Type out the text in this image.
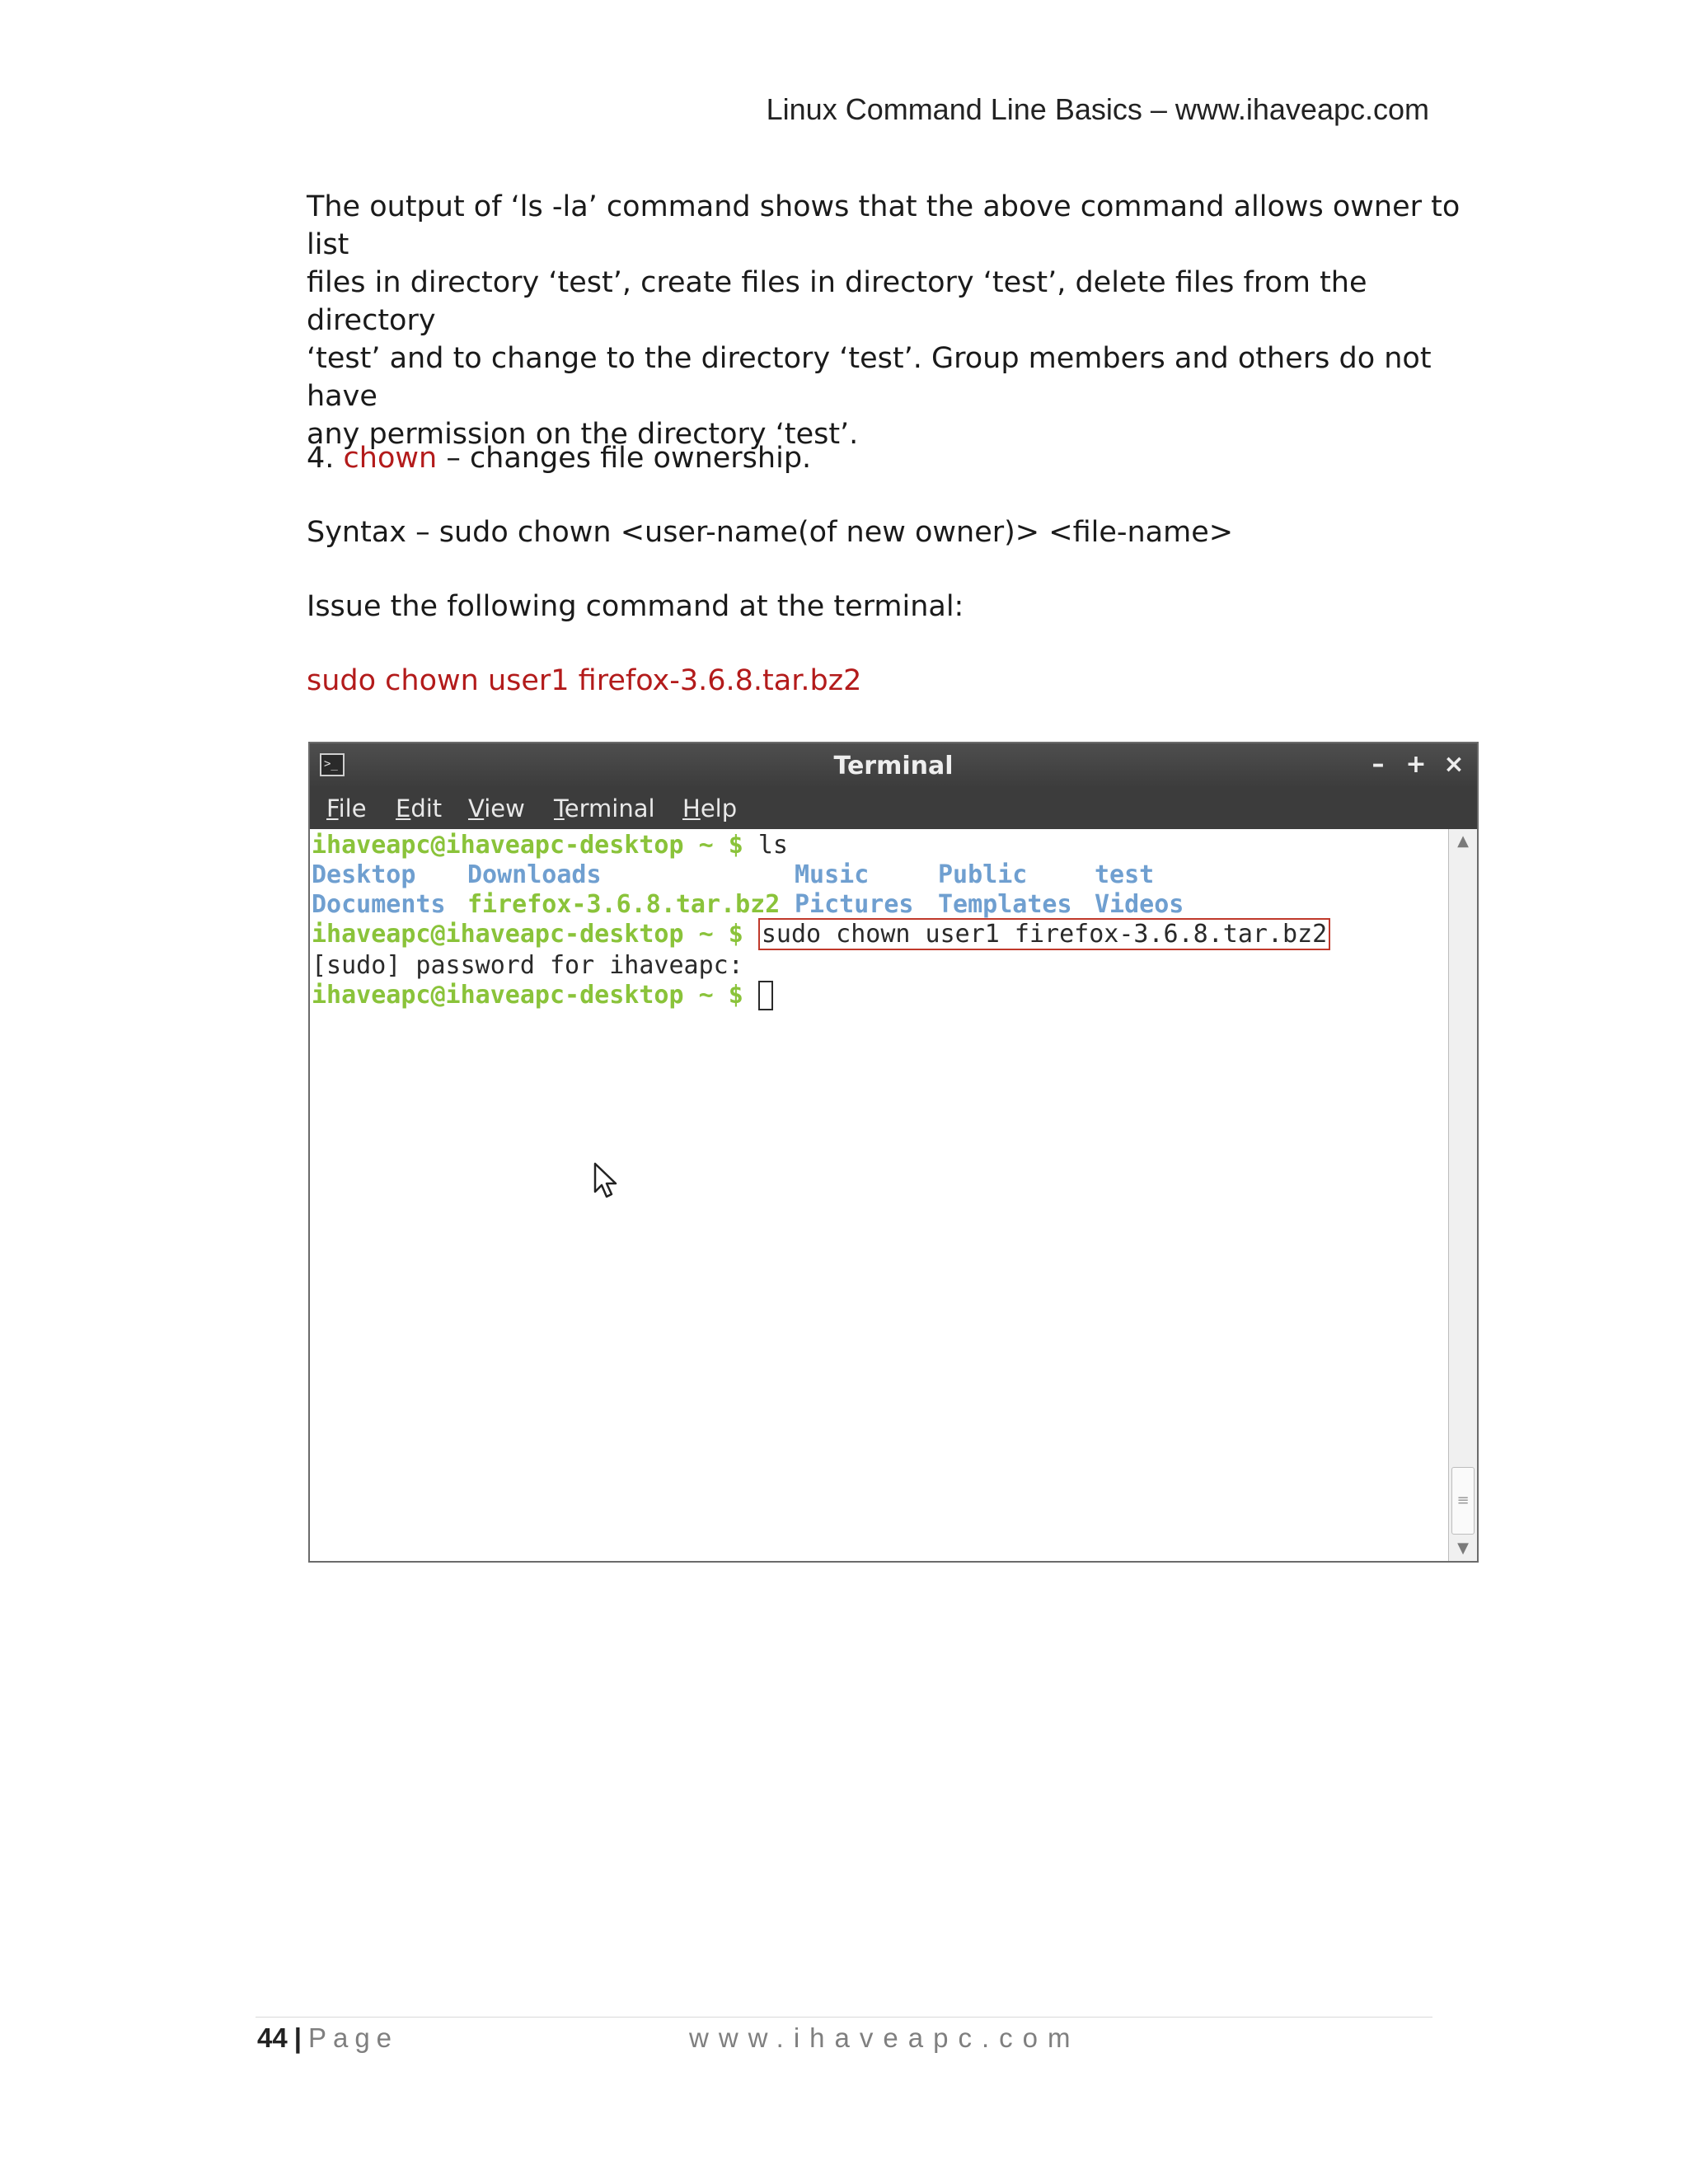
Linux Command Line Basics – www.ihaveapc.com

The output of ‘ls -la’ command shows that the above command allows owner to list

files in directory ‘test’, create files in directory ‘test’, delete files from the directory

‘test’ and to change to the directory ‘test’. Group members and others do not have

any permission on the directory ‘test’.

4. chown – changes file ownership.
Syntax – sudo chown <user-name(of new owner)> <file-name>
Issue the following command at the terminal:
sudo chown user1 firefox-3.6.8.tar.bz2
>_	Terminal	– + ×
File Edit View Terminal Help
ihaveapc@ihaveapc-desktop ~ $ ls
Desktop Downloads	Music	Public	test
Documents firefox-3.6.8.tar.bz2 Pictures Templates Videos
ihaveapc@ihaveapc-desktop ~ $ sudo chown user1 firefox-3.6.8.tar.bz2
[sudo] password for ihaveapc:
ihaveapc@ihaveapc-desktop ~ $
▲
≡
▼
44 | Page	www.ihaveapc.com
